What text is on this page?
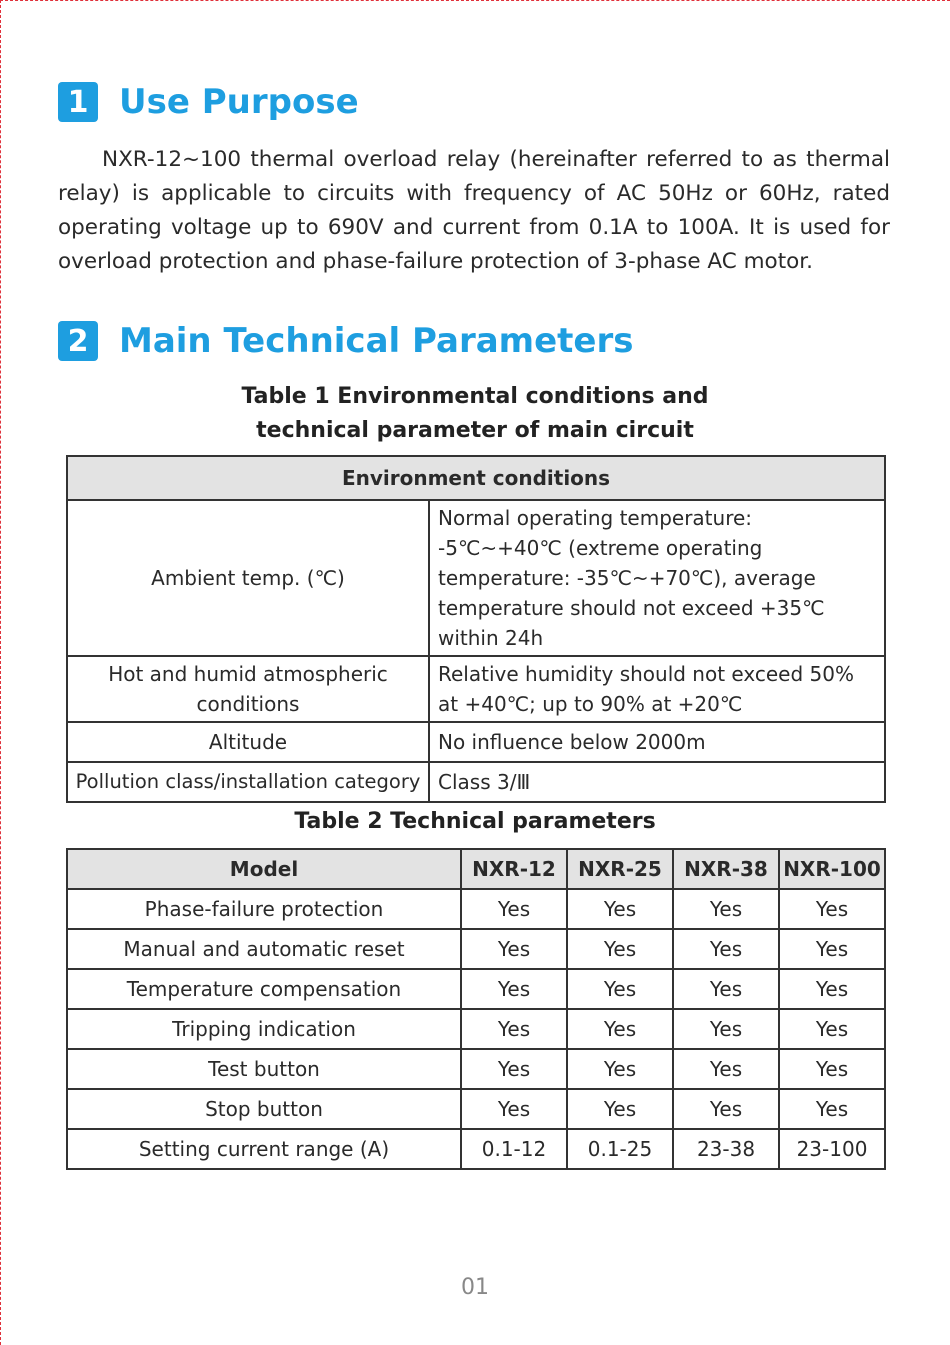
1 Use Purpose

NXR-12~100 thermal overload relay (hereinafter referred to as thermal relay) is applicable to circuits with frequency of AC 50Hz or 60Hz, rated operating voltage up to 690V and current from 0.1A to 100A. It is used for overload protection and phase-failure protection of 3-phase AC motor.

2 Main Technical Parameters
Table 1 Environmental conditions and
technical parameter of main circuit
Environment conditions	
Ambient temp. (℃)	Normal operating temperature: -5℃~+40℃ (extreme operating temperature: -35℃~+70℃), average temperature should not exceed +35℃ within 24h
Hot and humid atmospheric conditions	Relative humidity should not exceed 50% at +40℃; up to 90% at +20℃
Altitude	No influence below 2000m
Pollution class/installation category	Class 3/Ⅲ
Table 2 Technical parameters
Model	NXR-12	NXR-25	NXR-38	NXR-100
Phase-failure protection	Yes	Yes	Yes	Yes
Manual and automatic reset	Yes	Yes	Yes	Yes
Temperature compensation	Yes	Yes	Yes	Yes
Tripping indication	Yes	Yes	Yes	Yes
Test button	Yes	Yes	Yes	Yes
Stop button	Yes	Yes	Yes	Yes
Setting current range (A)	0.1-12	0.1-25	23-38	23-100
01
